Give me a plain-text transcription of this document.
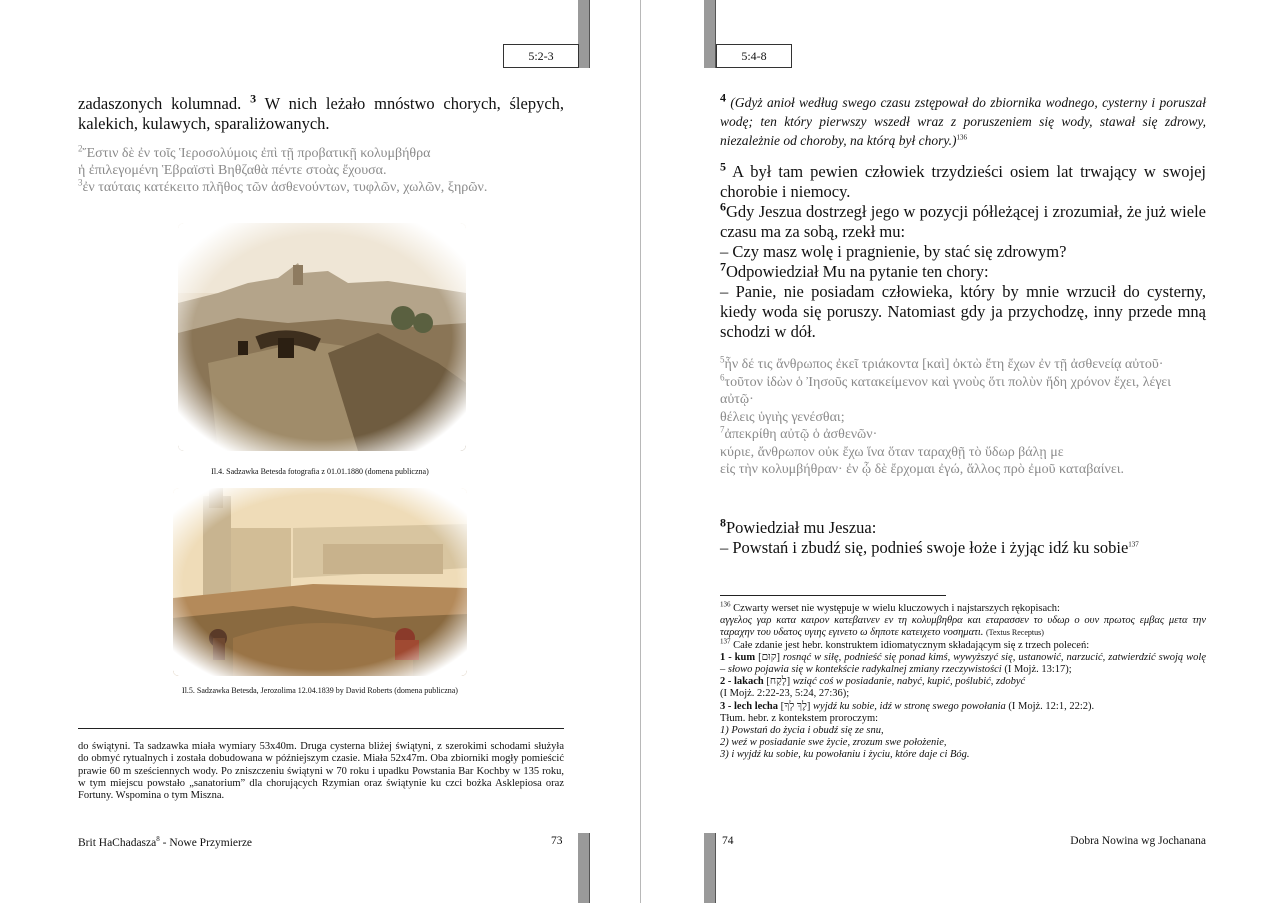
5:2-3
zadaszonych kolumnad. $^3$ W nich leżało mnóstwo chorych, ślepych, kalekich, kulawych, sparaliżowanych.
$^2$Ἔστιν δὲ ἐν τοῖς Ἱεροσολύμοις ἐπὶ τῇ προβατικῇ κολυμβήθρα
ἡ ἐπιλεγομένη Ἑβραϊστὶ Βηθζαθὰ πέντε στοὰς ἔχουσα.
$^3$ἐν ταύταις κατέκειτο πλῆθος τῶν ἀσθενούντων, τυφλῶν, χωλῶν, ξηρῶν.
Il.4. Sadzawka Betesda fotografia z 01.01.1880 (domena publiczna)
Il.5. Sadzawka Betesda, Jerozolima 12.04.1839 by David Roberts (domena publiczna)
do świątyni. Ta sadzawka miała wymiary 53x40m. Druga cysterna bliżej świątyni, z szerokimi schodami służyła do obmyć rytualnych i została dobudowana w późniejszym czasie. Miała 52x47m. Oba zbiorniki mogły pomieścić prawie 60 m sześciennych wody. Po zniszczeniu świątyni w 70 roku i upadku Powstania Bar Kochby w 135 roku, w tym miejscu powstało „sanatorium” dla chorujących Rzymian oraz świątynie ku czci bożka Asklepiosa oraz Fortuny. Wspomina o tym Miszna.
Brit HaChadasza$^8$ - Nowe Przymierze	73
5:4-8
4 (Gdyż anioł według swego czasu zstępował do zbiornika wodnego, cysterny i poruszał wodę; ten który pierwszy wszedł wraz z poruszeniem się wody, stawał się zdrowy, niezależnie od choroby, na którą był chory.)$^{136}$
$^5$ A był tam pewien człowiek trzydzieści osiem lat trwający w swojej chorobie i niemocy.
$^6$Gdy Jeszua dostrzegł jego w pozycji półleżącej i zrozumiał, że już wiele czasu ma za sobą, rzekł mu:
– Czy masz wolę i pragnienie, by stać się zdrowym?
$^7$Odpowiedział Mu na pytanie ten chory:
– Panie, nie posiadam człowieka, który by mnie wrzucił do cysterny, kiedy woda się poruszy. Natomiast gdy ja przychodzę, inny przede mną schodzi w dół.
$^5$ἦν δέ τις ἄνθρωπος ἐκεῖ τριάκοντα [καὶ] ὀκτὼ ἔτη ἔχων ἐν τῇ ἀσθενείᾳ αὐτοῦ·
$^6$τοῦτον ἰδὼν ὁ Ἰησοῦς κατακείμενον καὶ γνοὺς ὅτι πολὺν ἤδη χρόνον ἔχει, λέγει αὐτῷ·
θέλεις ὑγιὴς γενέσθαι;
$^7$ἀπεκρίθη αὐτῷ ὁ ἀσθενῶν·
κύριε, ἄνθρωπον οὐκ ἔχω ἵνα ὅταν ταραχθῇ τὸ ὕδωρ βάλῃ με
εἰς τὴν κολυμβήθραν· ἐν ᾧ δὲ ἔρχομαι ἐγώ, ἄλλος πρὸ ἐμοῦ καταβαίνει.
$^8$Powiedział mu Jeszua:
– Powstań i zbudź się, podnieś swoje łoże i żyjąc idź ku sobie$^{137}$
$^{136}$ Czwarty werset nie występuje w wielu kluczowych i najstarszych rękopisach:
αγγελος γαρ κατα καιρον κατεβαινεν εν τη κολυμβηθρα και εταρασσεν το υδωρ ο ουν πρωτος εμβας μετα την ταραχην του υδατος υγιης εγινετο ω δηποτε κατειχετο νοσηματι. (Textus Receptus)
$^{137}$ Całe zdanie jest hebr. konstruktem idiomatycznym składającym się z trzech poleceń:
1 - kum [קוּם] rosnąć w siłę, podnieść się ponad kimś, wywyższyć się, ustanowić, narzucić, zatwierdzić swoją wolę – słowo pojawia się w kontekście radykalnej zmiany rzeczywistości (I Mojż. 13:17);
2 - lakach [לָקַח] wziąć coś w posiadanie, nabyć, kupić, poślubić, zdobyć
(I Mojż. 2:22-23, 5:24, 27:36);
3 - lech lecha [לֶךְ לְךָ] wyjdź ku sobie, idź w stronę swego powołania (I Mojż. 12:1, 22:2).
Tłum. hebr. z kontekstem proroczym:
1) Powstań do życia i obudź się ze snu,
2) weź w posiadanie swe życie, zrozum swe położenie,
3) i wyjdź ku sobie, ku powołaniu i życiu, które daje ci Bóg.
74	Dobra Nowina wg Jochanana
